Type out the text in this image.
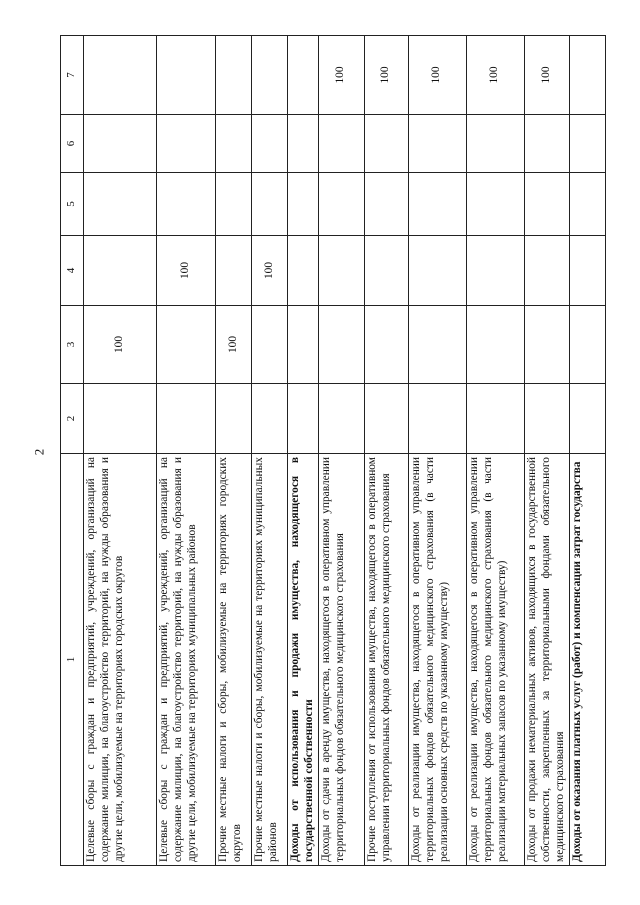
2
1	2	3	4	5	6	7
Целевые сборы с граждан и предприятий, учреждений, организаций на содержание милиции, на благоустройство территорий, на нужды образования и другие цели, мобилизуемые на территориях городских округов		100				
Целевые сборы с граждан и предприятий, учреждений, организаций на содержание милиции, на благоустройство территорий, на нужды образования и другие цели, мобилизуемые на территориях муниципальных районов			100			
Прочие местные налоги и сборы, мобилизуемые на территориях городских округов		100				
Прочие местные налоги и сборы, мобилизуемые на территориях муниципальных районов			100			
Доходы от использования и продажи имущества, находящегося в государственной собственности						
Доходы от сдачи в аренду имущества, находящегося в оперативном управлении территориальных фондов обязательного медицинского страхования						100
Прочие поступления от использования имущества, находящегося в оперативном управлении территориальных фондов обязательного медицинского страхования						100
Доходы от реализации имущества, находящегося в оперативном управлении территориальных фондов обязательного медицинского страхования (в части реализации основных средств по указанному имуществу)						100
Доходы от реализации имущества, находящегося в оперативном управлении территориальных фондов обязательного медицинского страхования (в части реализации материальных запасов по указанному имуществу)						100
Доходы от продажи нематериальных активов, находящихся в государственной собственности, закрепленных за территориальными фондами обязательного медицинского страхования						100
Доходы от оказания платных услуг (работ) и компенсации затрат государства						
